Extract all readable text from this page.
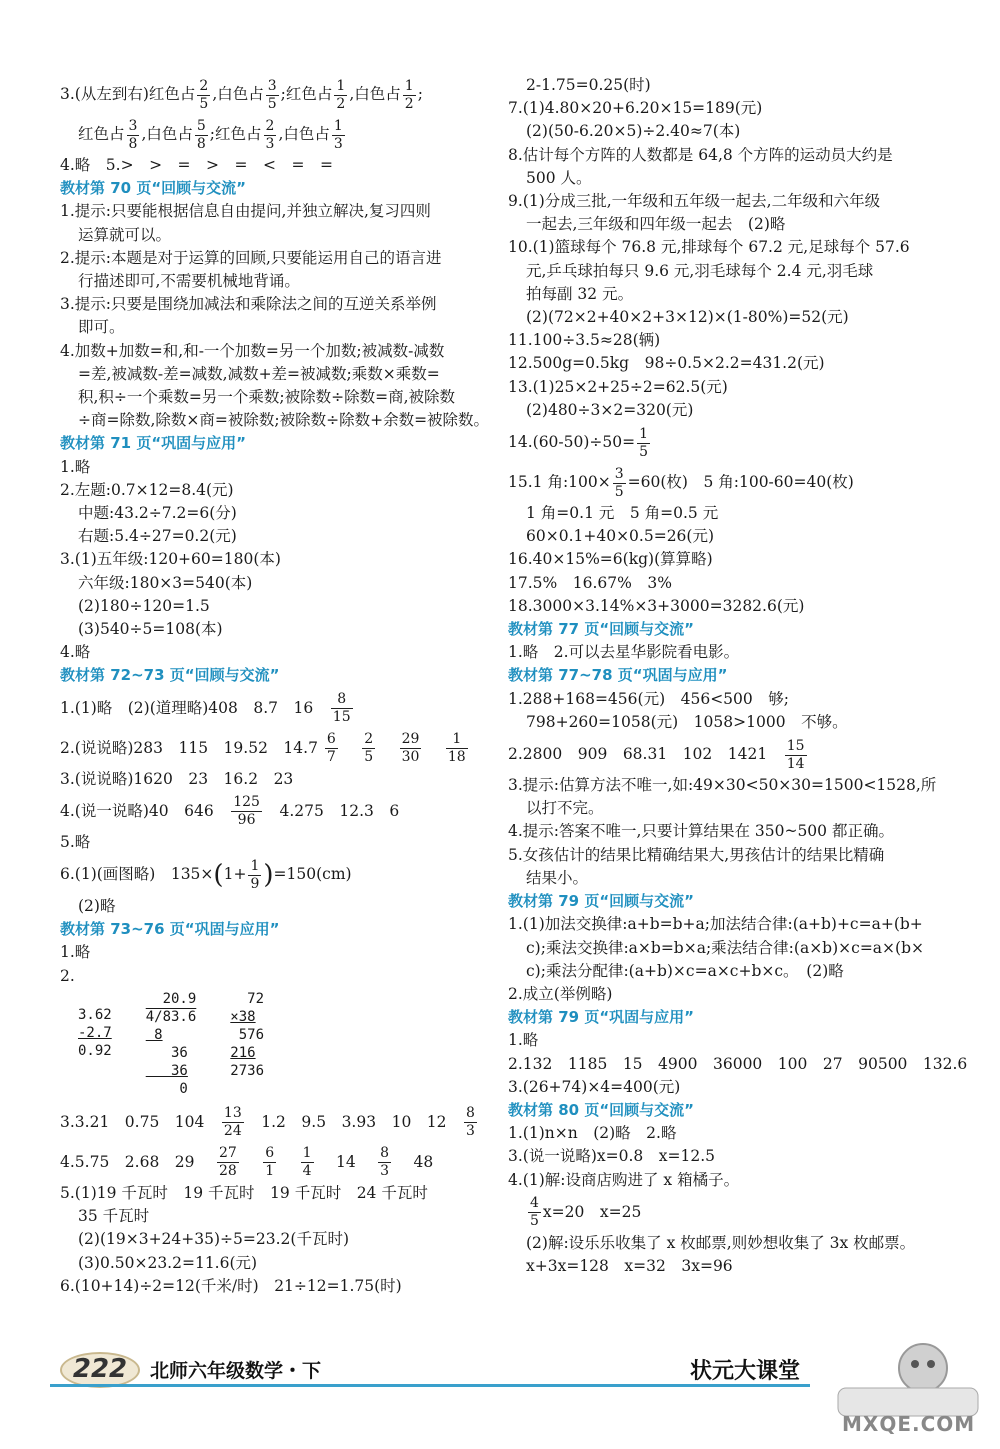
3.(从左到右)红色占 $\frac{2}{5}$ ,白色占 $\frac{3}{5}$ ;红色占 $\frac{1}{2}$ ,白色占 $\frac{1}{2}$ ;
红色占 $\frac{3}{8}$ ,白色占 $\frac{5}{8}$ ;红色占 $\frac{2}{3}$ ,白色占 $\frac{1}{3}$
4.略　5.>　>　=　>　=　<　=　=
教材第 70 页“回顾与交流”
1.提示:只要能根据信息自由提问,并独立解决,复习四则
运算就可以。
2.提示:本题是对于运算的回顾,只要能运用自己的语言进
行描述即可,不需要机械地背诵。
3.提示:只要是围绕加减法和乘除法之间的互逆关系举例
即可。
4.加数+加数=和,和-一个加数=另一个加数;被减数-减数
=差,被减数-差=减数,减数+差=被减数;乘数×乘数=
积,积÷一个乘数=另一个乘数;被除数÷除数=商,被除数
÷商=除数,除数×商=被除数;被除数÷除数+余数=被除数。
教材第 71 页“巩固与应用”
1.略
2.左题:0.7×12=8.4(元)
中题:43.2÷7.2=6(分)
右题:5.4÷27=0.2(元)
3.(1)五年级:120+60=180(本)
六年级:180×3=540(本)
(2)180÷120=1.5
(3)540÷5=108(本)
4.略
教材第 72~73 页“回顾与交流”
1.(1)略　(2)(道理略)408　8.7　16　 $\frac{8}{15}$
2.(说说略)283　115　19.52　$14.7 \frac{6}{7}$
　 $\frac{2}{5}$
　 $\frac{29}{30}$
　 $\frac{1}{18}$
3.(说说略)1620　23　16.2　23
4.(说一说略)40　646　 $\frac{125}{96}$
　 4.275　12.3　6
5.略
6.(1)(画图略)　$135\times(1+ \frac{1}{9} )=150(cm)$
(2)略
教材第 73~76 页“巩固与应用”
1.略
2.
3.62
-2.7
0.92
20.9
4/83.6
8
36
36
0
72
×38
576
216
2736
3.3.21　0.75　104　 $\frac{13}{24}$
　 1.2　9.5　3.93　10　12　 $\frac{8}{3}$
4.5.75　2.68　29　 $\frac{27}{28}$
　 $\frac{6}{1}$
　 $\frac{1}{4}$
　 14　 $\frac{8}{3}$
　 48
5.(1)19 千瓦时　19 千瓦时　19 千瓦时　24 千瓦时
35 千瓦时
(2)(19×3+24+35)÷5=23.2(千瓦时)
(3)0.50×23.2=11.6(元)
6.(10+14)÷2=12(千米/时)　21÷12=1.75(时)
2-1.75=0.25(时)
7.(1)4.80×20+6.20×15=189(元)
(2)(50-6.20×5)÷2.40≈7(本)
8.估计每个方阵的人数都是 64,8 个方阵的运动员大约是
500 人。
9.(1)分成三批,一年级和五年级一起去,二年级和六年级
一起去,三年级和四年级一起去　(2)略
10.(1)篮球每个 76.8 元,排球每个 67.2 元,足球每个 57.6
元,乒乓球拍每只 9.6 元,羽毛球每个 2.4 元,羽毛球
拍每副 32 元。
(2)(72×2+40×2+3×12)×(1-80%)=52(元)
11.100÷3.5≈28(辆)
12.500g=0.5kg　98÷0.5×2.2=431.2(元)
13.(1)25×2+25÷2=62.5(元)
(2)480÷3×2=320(元)
$14.(60-50)\div 50= \frac{1}{5}$
15.1 角:100× $\frac{3}{5} =60$(枚)　5 角:100-60=40(枚)
1 角=0.1 元　5 角=0.5 元
60×0.1+40×0.5=26(元)
16.40×15%=6(kg)(算算略)
17.5%　16.67%　3%
18.3000×3.14%×3+3000=3282.6(元)
教材第 77 页“回顾与交流”
1.略　2.可以去星华影院看电影。
教材第 77~78 页“巩固与应用”
1.288+168=456(元)　456<500　够;
798+260=1058(元)　1058>1000　不够。
2.2800　909　68.31　102　1421　 $\frac{15}{14}$
3.提示:估算方法不唯一,如:49×30<50×30=1500<1528,所
以打不完。
4.提示:答案不唯一,只要计算结果在 350~500 都正确。
5.女孩估计的结果比精确结果大,男孩估计的结果比精确
结果小。
教材第 79 页“回顾与交流”
1.(1)加法交换律:a+b=b+a;加法结合律:(a+b)+c=a+(b+
c);乘法交换律:a×b=b×a;乘法结合律:(a×b)×c=a×(b×
c);乘法分配律:(a+b)×c=a×c+b×c。　(2)略
2.成立(举例略)
教材第 79 页“巩固与应用”
1.略
2.132　1185　15　4900　36000　100　27　90500　132.6
3.(26+74)×4=400(元)
教材第 80 页“回顾与交流”
1.(1)n×n　(2)略　2.略
3.(说一说略)x=0.8　x=12.5
4.(1)解:设商店购进了 x 箱橘子。
$\frac{4}{5} x=20$　x=25
(2)解:设乐乐收集了 x 枚邮票,则妙想收集了 3x 枚邮票。
x+3x=128　x=32　3x=96
222	北师六年级数学・下	状元大课堂
MXQE.COM
